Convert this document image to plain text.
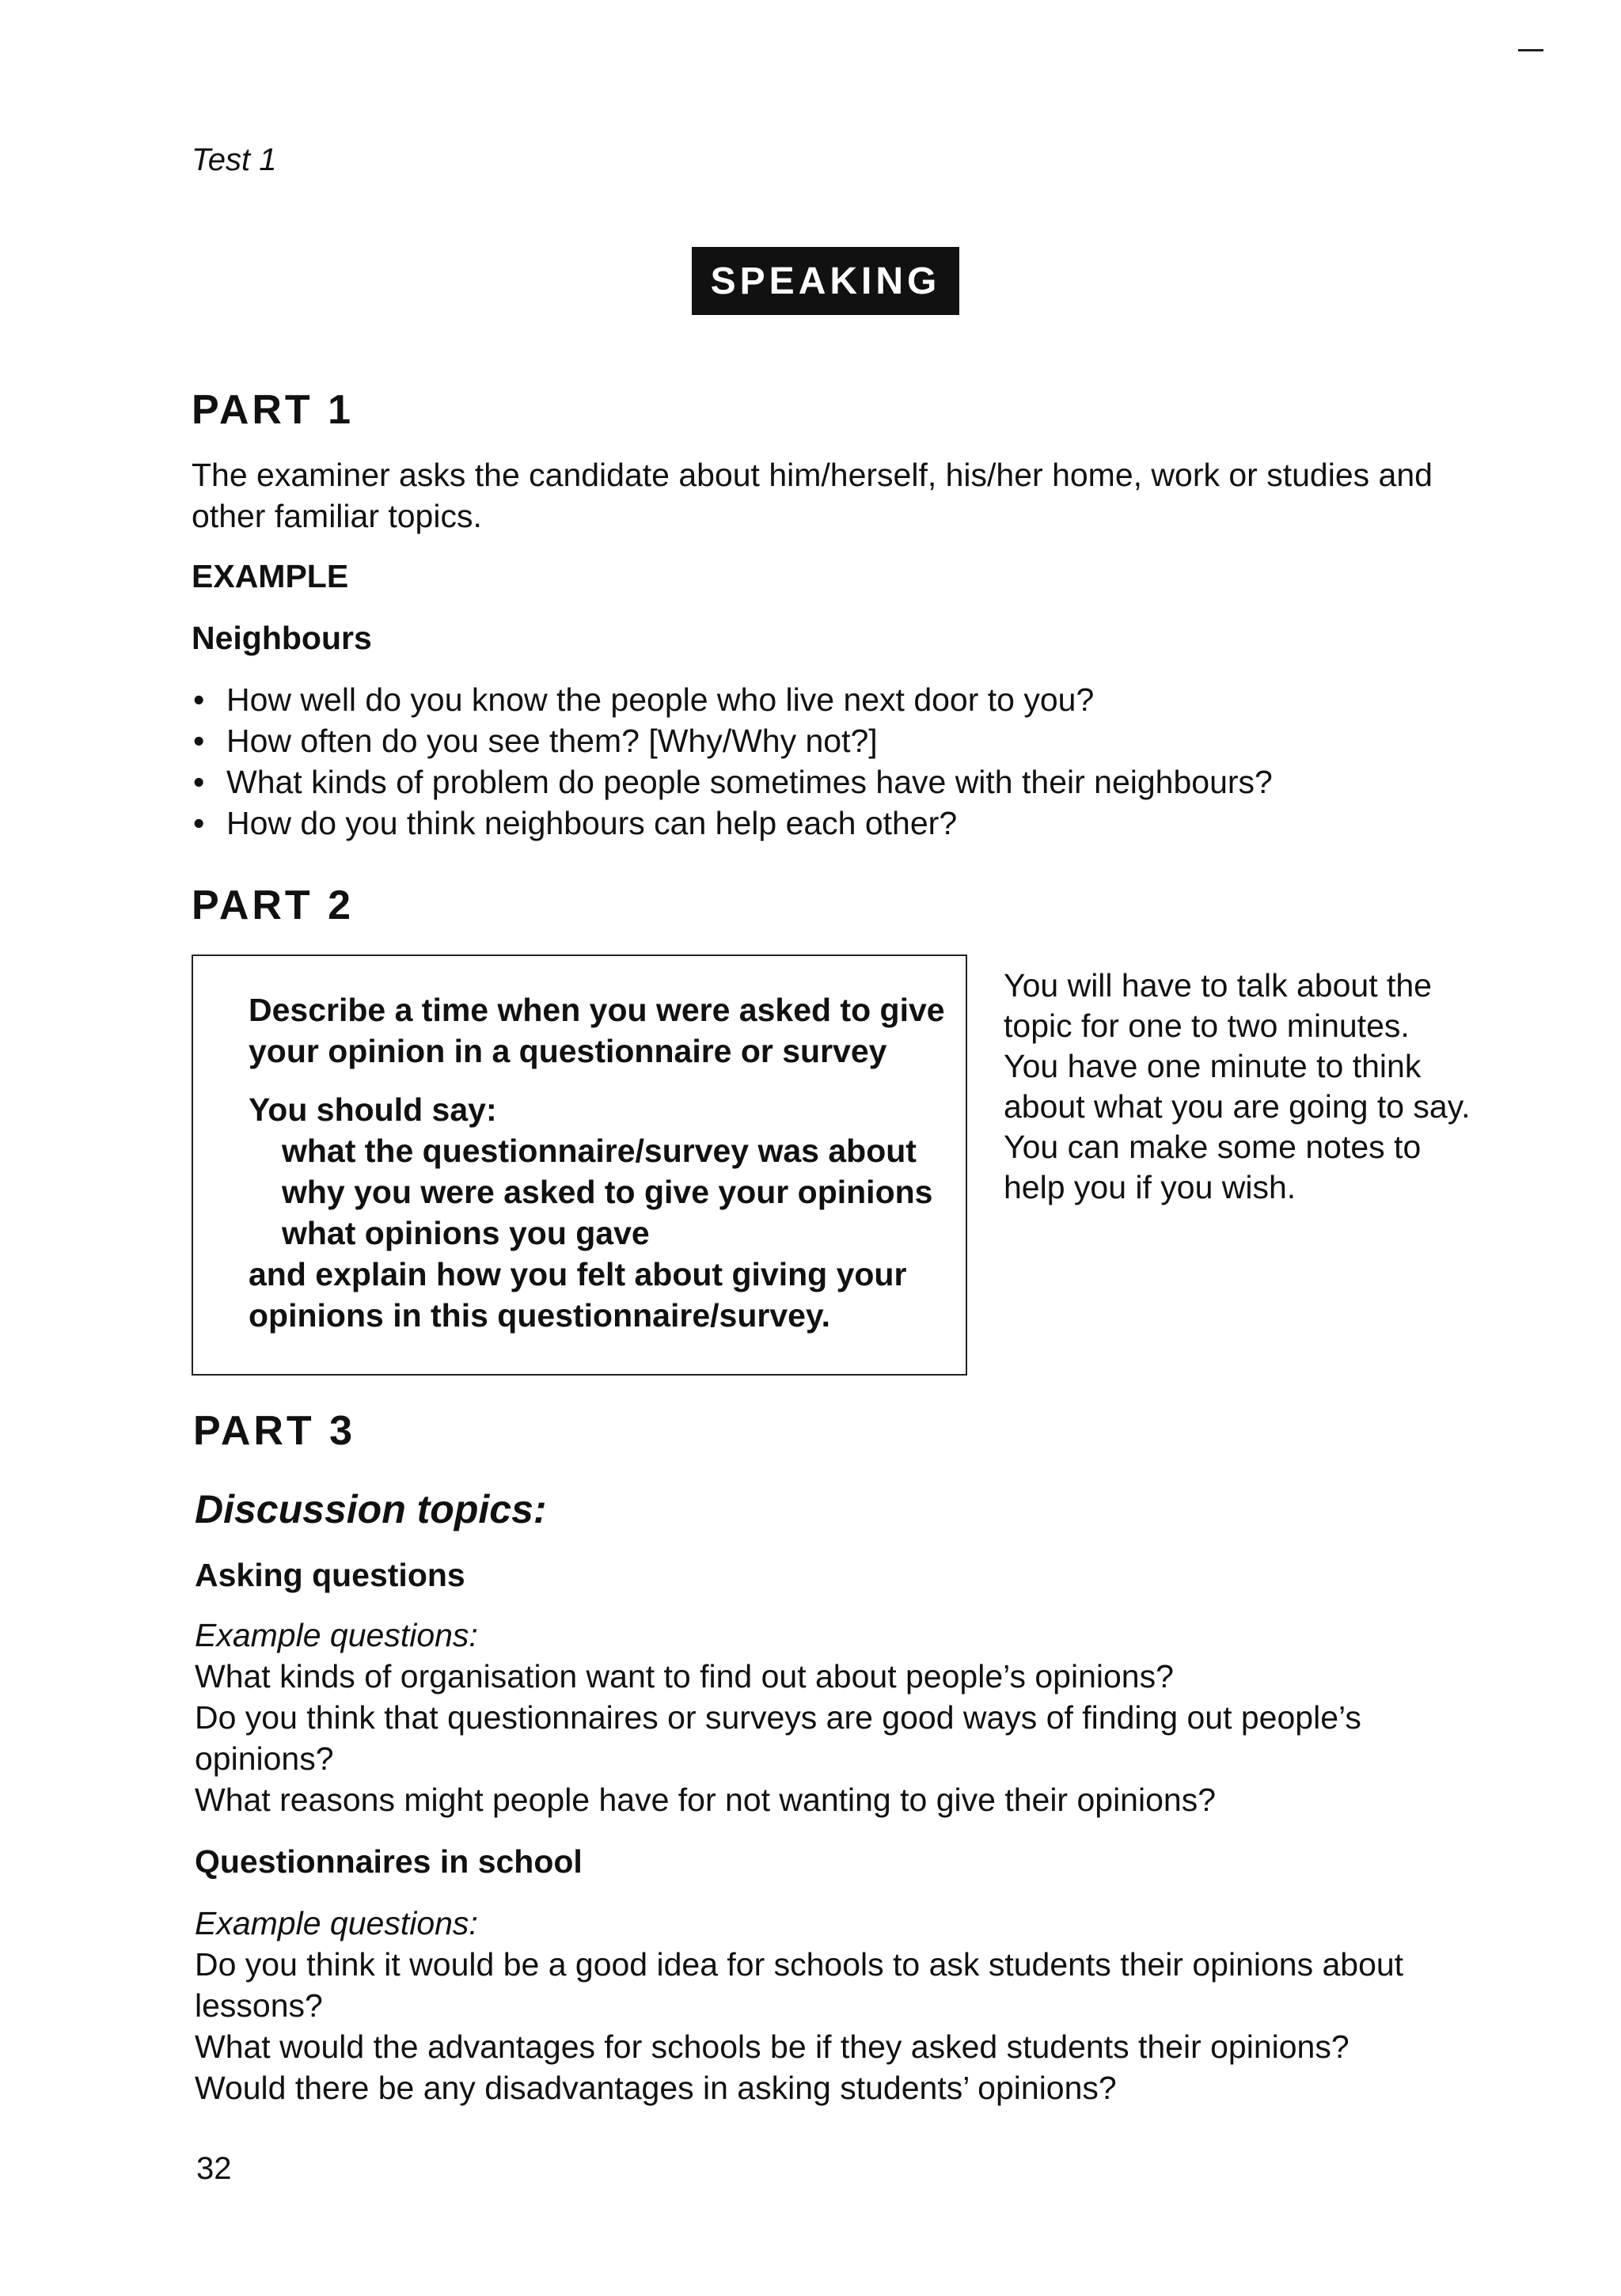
Test 1

SPEAKING
PART 1
The examiner asks the candidate about him/herself, his/her home, work or studies and
other familiar topics.

EXAMPLE

Neighbours

• How well do you know the people who live next door to you?
• How often do you see them? [Why/Why not?]
• What kinds of problem do people sometimes have with their neighbours?
• How do you think neighbours can help each other?
PART 2

Describe a time when you were asked to give

your opinion in a questionnaire or survey

You should say:

what the questionnaire/survey was about

why you were asked to give your opinions

what opinions you gave

and explain how you felt about giving your

opinions in this questionnaire/survey.

You will have to talk about the

topic for one to two minutes.

You have one minute to think

about what you are going to say.

You can make some notes to

help you if you wish.

PART 3

Discussion topics:

Asking questions

Example questions:

What kinds of organisation want to find out about people’s opinions?

Do you think that questionnaires or surveys are good ways of finding out people’s

opinions?

What reasons might people have for not wanting to give their opinions?

Questionnaires in school

Example questions:

Do you think it would be a good idea for schools to ask students their opinions about

lessons?

What would the advantages for schools be if they asked students their opinions?

Would there be any disadvantages in asking students’ opinions?

32
